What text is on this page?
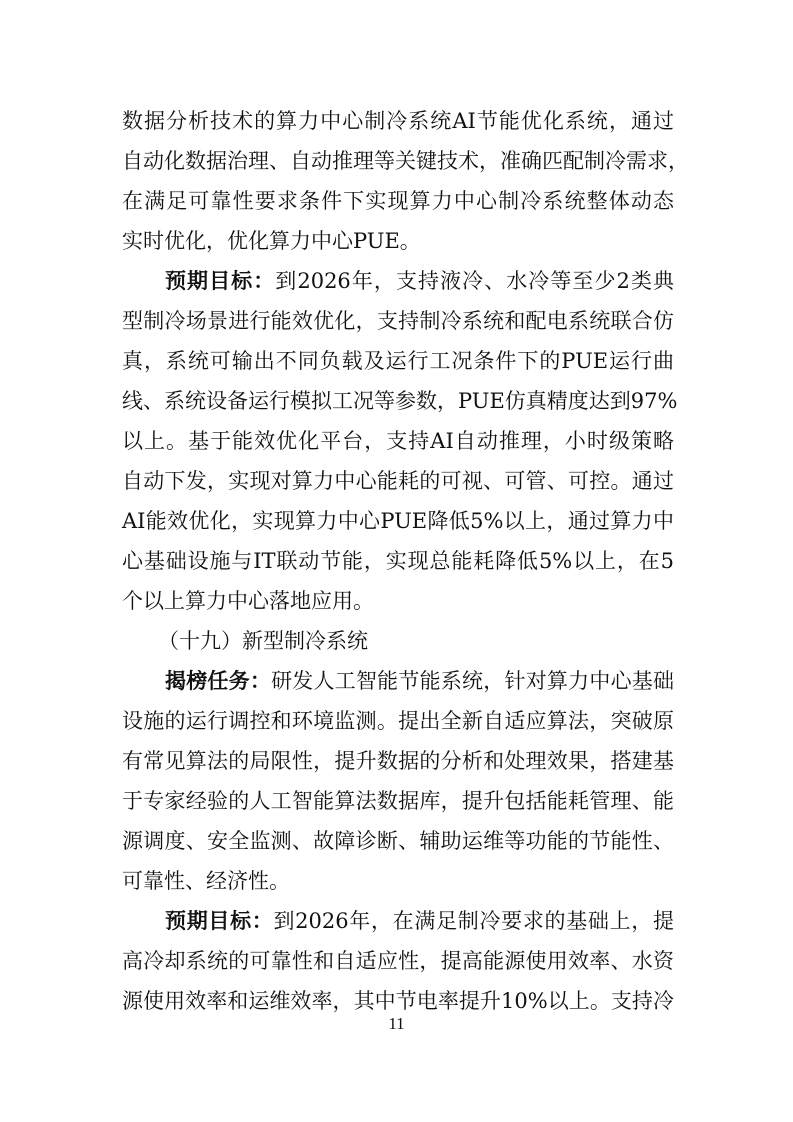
数据分析技术的算力中心制冷系统AI节能优化系统，通过
自动化数据治理、自动推理等关键技术，准确匹配制冷需求，
在满足可靠性要求条件下实现算力中心制冷系统整体动态
实时优化，优化算力中心PUE。
预期目标：到2026年，支持液冷、水冷等至少2类典
型制冷场景进行能效优化，支持制冷系统和配电系统联合仿
真，系统可输出不同负载及运行工况条件下的PUE运行曲
线、系统设备运行模拟工况等参数，PUE仿真精度达到97%
以上。基于能效优化平台，支持AI自动推理，小时级策略
自动下发，实现对算力中心能耗的可视、可管、可控。通过
AI能效优化，实现算力中心PUE降低5%以上，通过算力中
心基础设施与IT联动节能，实现总能耗降低5%以上，在5
个以上算力中心落地应用。
（十九）新型制冷系统
揭榜任务：研发人工智能节能系统，针对算力中心基础
设施的运行调控和环境监测。提出全新自适应算法，突破原
有常见算法的局限性，提升数据的分析和处理效果，搭建基
于专家经验的人工智能算法数据库，提升包括能耗管理、能
源调度、安全监测、故障诊断、辅助运维等功能的节能性、
可靠性、经济性。
预期目标：到2026年，在满足制冷要求的基础上，提
高冷却系统的可靠性和自适应性，提高能源使用效率、水资
源使用效率和运维效率，其中节电率提升10%以上。支持冷
11
